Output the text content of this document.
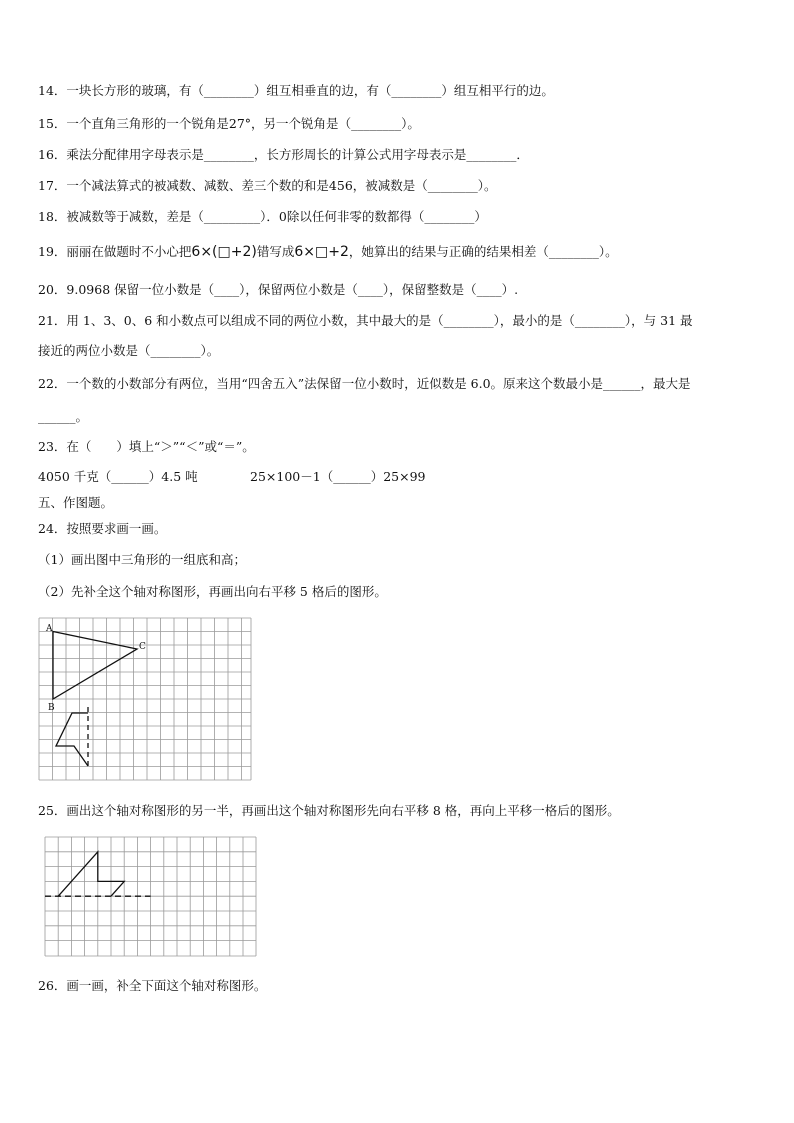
14．一块长方形的玻璃，有（________）组互相垂直的边，有（________）组互相平行的边。
15．一个直角三角形的一个锐角是27°，另一个锐角是（________）。
16．乘法分配律用字母表示是________，长方形周长的计算公式用字母表示是________．
17．一个减法算式的被减数、减数、差三个数的和是456，被减数是（________）。
18．被减数等于减数，差是（_________）．0除以任何非零的数都得（________）
19．丽丽在做题时不小心把6×(□+2)错写成6×□+2，她算出的结果与正确的结果相差（________）。
20．9.0968 保留一位小数是（____），保留两位小数是（____），保留整数是（____）.
21．用 1、3、0、6 和小数点可以组成不同的两位小数，其中最大的是（________），最小的是（________），与 31 最
接近的两位小数是（________）。
22．一个数的小数部分有两位，当用“四舍五入”法保留一位小数时，近似数是 6.0。原来这个数最小是______，最大是
______。
23．在（　　）填上“＞”“＜”或“＝”。
4050 千克（______）4.5 吨	25×100－1（______）25×99
五、作图题。
24．按照要求画一画。
（1）画出图中三角形的一组底和高；
（2）先补全这个轴对称图形，再画出向右平移 5 格后的图形。
A
B
C
25．画出这个轴对称图形的另一半，再画出这个轴对称图形先向右平移 8 格，再向上平移一格后的图形。
26．画一画，补全下面这个轴对称图形。
